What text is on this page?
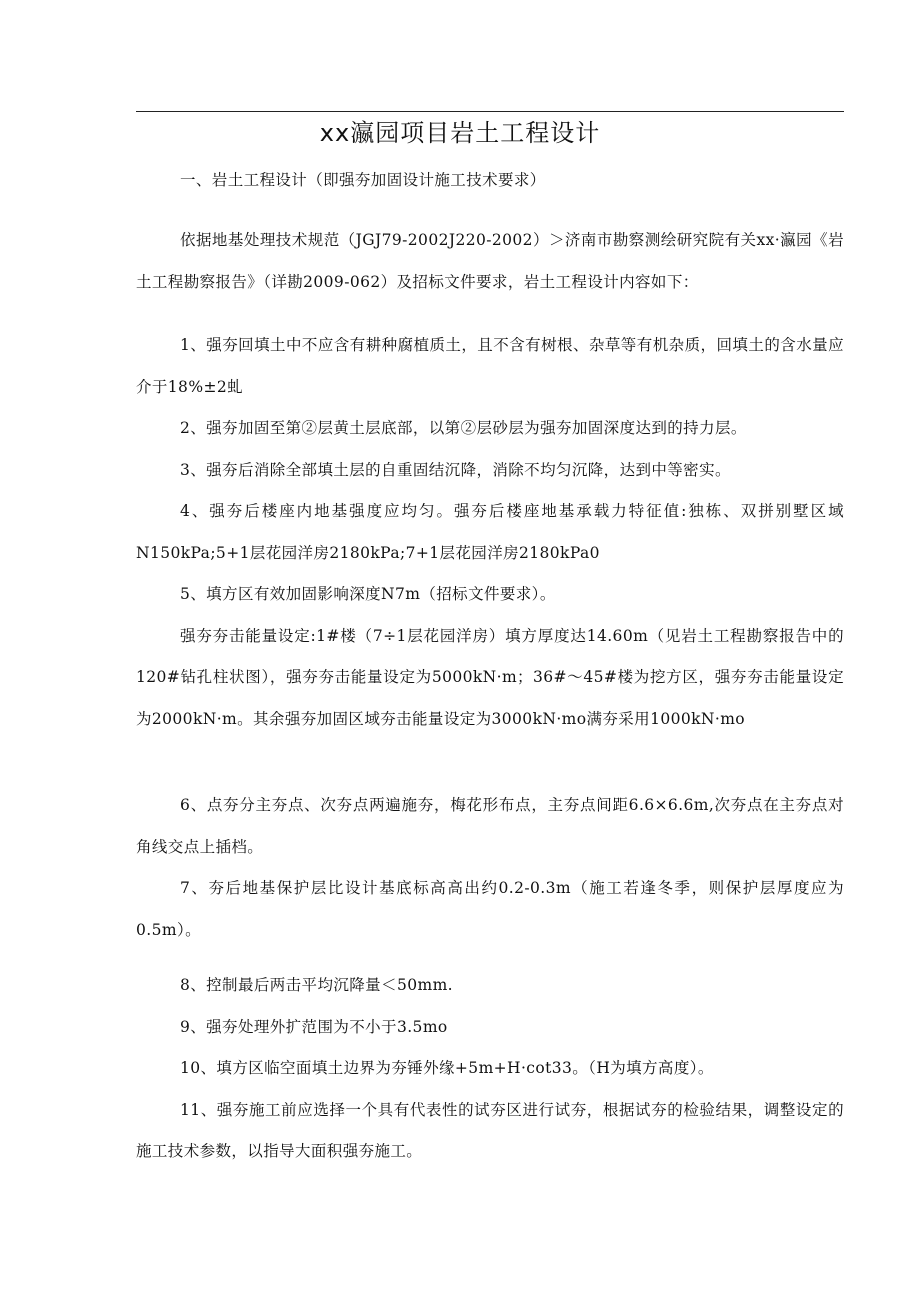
xx瀛园项目岩土工程设计

一、岩土工程设计（即强夯加固设计施工技术要求）

依据地基处理技术规范（JGJ79-2002J220-2002）＞济南市勘察测绘研究院有关xx·瀛园《岩土工程勘察报告》（详勘2009-062）及招标文件要求，岩土工程设计内容如下：

1、强夯回填土中不应含有耕种腐植质土，且不含有树根、杂草等有机杂质，回填土的含水量应介于18%±2虬

2、强夯加固至第②层黄土层底部，以第②层砂层为强夯加固深度达到的持力层。

3、强夯后消除全部填土层的自重固结沉降，消除不均匀沉降，达到中等密实。

4、强夯后楼座内地基强度应均匀。强夯后楼座地基承载力特征值:独栋、双拼别墅区域N150kPa;5+1层花园洋房2180kPa;7+1层花园洋房2180kPa0

5、填方区有效加固影响深度N7m（招标文件要求）。

强夯夯击能量设定:1#楼（7÷1层花园洋房）填方厚度达14.60m（见岩土工程勘察报告中的120#钻孔柱状图），强夯夯击能量设定为5000kN·m；36#～45#楼为挖方区，强夯夯击能量设定为2000kN·m。其余强夯加固区域夯击能量设定为3000kN·mo满夯采用1000kN·mo

6、点夯分主夯点、次夯点两遍施夯，梅花形布点，主夯点间距6.6×6.6m,次夯点在主夯点对角线交点上插档。

7、夯后地基保护层比设计基底标高高出约0.2-0.3m（施工若逢冬季，则保护层厚度应为0.5m）。

8、控制最后两击平均沉降量＜50mm.

9、强夯处理外扩范围为不小于3.5mo

10、填方区临空面填土边界为夯锤外缘+5m+H·cot33。（H为填方高度）。

11、强夯施工前应选择一个具有代表性的试夯区进行试夯，根据试夯的检验结果，调整设定的施工技术参数，以指导大面积强夯施工。
